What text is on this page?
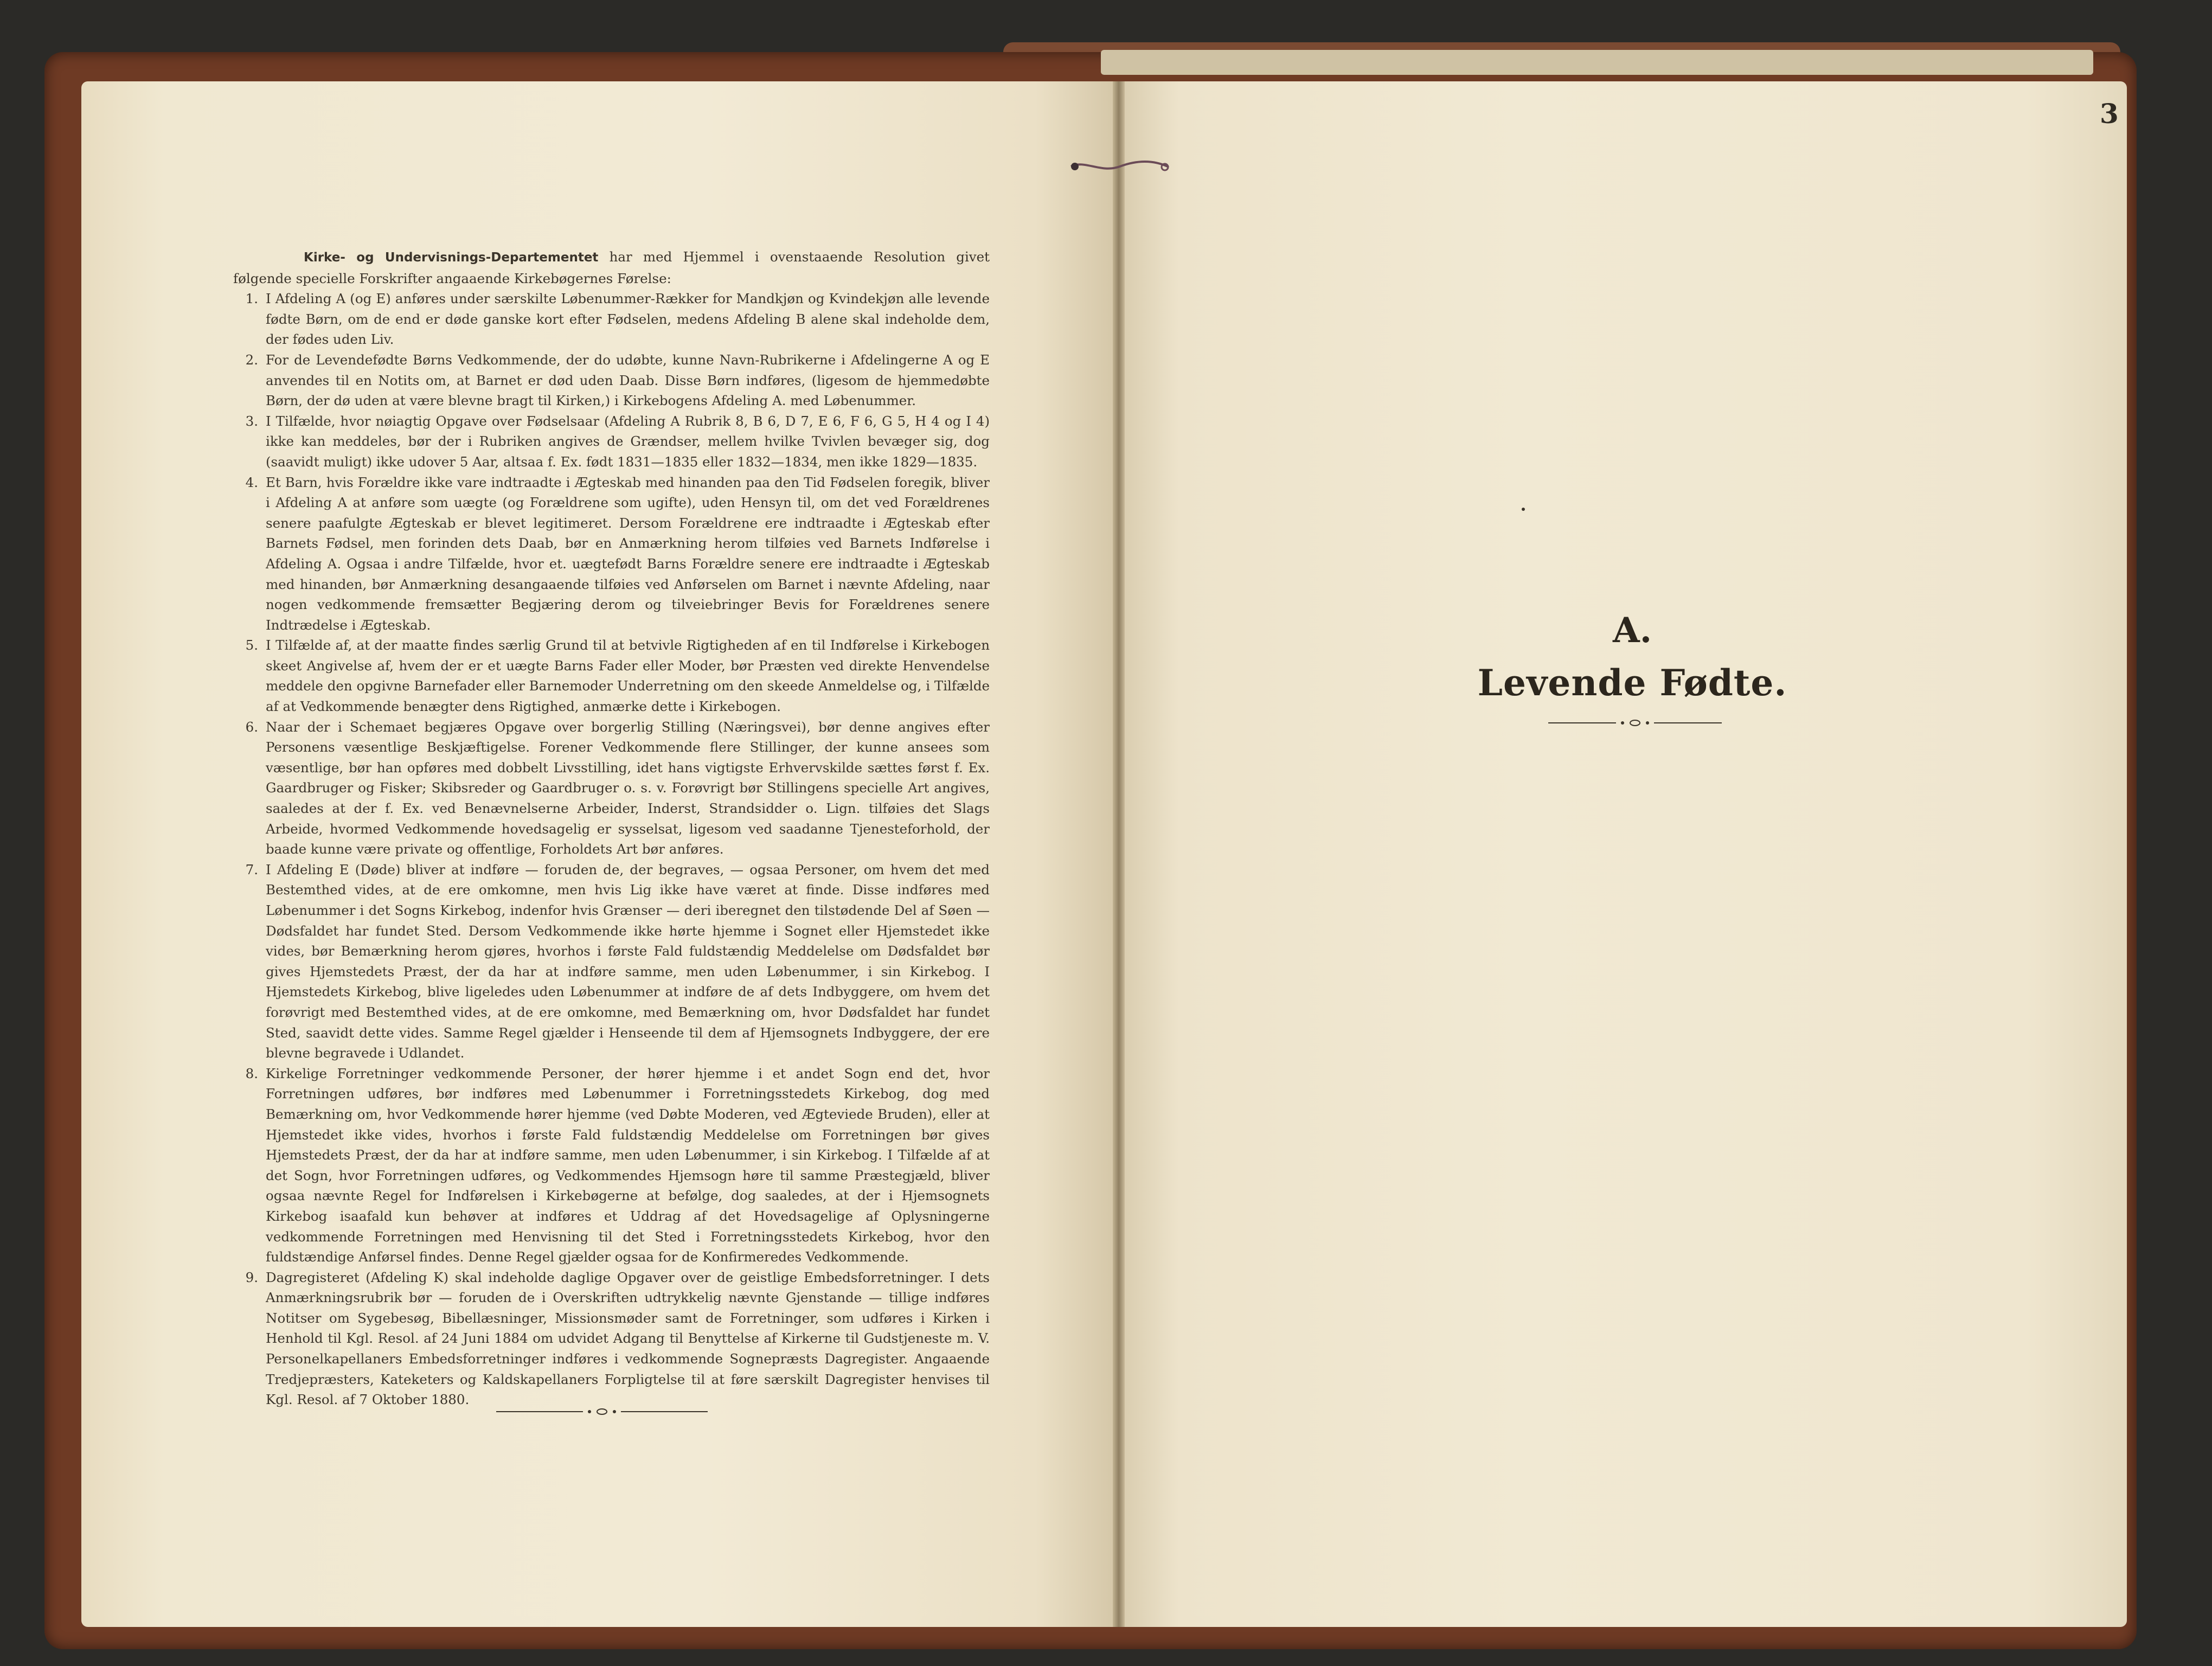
Kirke- og Undervisnings-Departementet har med Hjemmel i ovenstaaende Resolution givet følgende specielle Forskrifter angaaende Kirkebøgernes Førelse:

1. I Afdeling A (og E) anføres under særskilte Løbenummer-Rækker for Mandkjøn og Kvindekjøn alle levende fødte Børn, om de end er døde ganske kort efter Fødselen, medens Afdeling B alene skal indeholde dem, der fødes uden Liv.
2. For de Levendefødte Børns Vedkommende, der do udøbte, kunne Navn-Rubrikerne i Afdelingerne A og E anvendes til en Notits om, at Barnet er død uden Daab. Disse Børn indføres, (ligesom de hjemmedøbte Børn, der dø uden at være blevne bragt til Kirken,) i Kirkebogens Afdeling A. med Løbenummer.
3. I Tilfælde, hvor nøiagtig Opgave over Fødselsaar (Afdeling A Rubrik 8, B 6, D 7, E 6, F 6, G 5, H 4 og I 4) ikke kan meddeles, bør der i Rubriken angives de Grændser, mellem hvilke Tvivlen bevæger sig, dog (saavidt muligt) ikke udover 5 Aar, altsaa f. Ex. født 1831—1835 eller 1832—1834, men ikke 1829—1835.
4. Et Barn, hvis Forældre ikke vare indtraadte i Ægteskab med hinanden paa den Tid Fødselen foregik, bliver i Afdeling A at anføre som uægte (og Forældrene som ugifte), uden Hensyn til, om det ved Forældrenes senere paafulgte Ægteskab er blevet legitimeret. Dersom Forældrene ere indtraadte i Ægteskab efter Barnets Fødsel, men forinden dets Daab, bør en Anmærkning herom tilføies ved Barnets Indførelse i Afdeling A. Ogsaa i andre Tilfælde, hvor et. uægtefødt Barns Forældre senere ere indtraadte i Ægteskab med hinanden, bør Anmærkning desangaaende tilføies ved Anførselen om Barnet i nævnte Afdeling, naar nogen vedkommende fremsætter Begjæring derom og tilveiebringer Bevis for Forældrenes senere Indtrædelse i Ægteskab.
5. I Tilfælde af, at der maatte findes særlig Grund til at betvivle Rigtigheden af en til Indførelse i Kirkebogen skeet Angivelse af, hvem der er et uægte Barns Fader eller Moder, bør Præsten ved direkte Henvendelse meddele den opgivne Barnefader eller Barnemoder Underretning om den skeede Anmeldelse og, i Tilfælde af at Vedkommende benægter dens Rigtighed, anmærke dette i Kirkebogen.
6. Naar der i Schemaet begjæres Opgave over borgerlig Stilling (Næringsvei), bør denne angives efter Personens væsentlige Beskjæftigelse. Forener Vedkommende flere Stillinger, der kunne ansees som væsentlige, bør han opføres med dobbelt Livsstilling, idet hans vigtigste Erhvervskilde sættes først f. Ex. Gaardbruger og Fisker; Skibsreder og Gaardbruger o. s. v. Forøvrigt bør Stillingens specielle Art angives, saaledes at der f. Ex. ved Benævnelserne Arbeider, Inderst, Strandsidder o. Lign. tilføies det Slags Arbeide, hvormed Vedkommende hovedsagelig er sysselsat, ligesom ved saadanne Tjenesteforhold, der baade kunne være private og offentlige, Forholdets Art bør anføres.
7. I Afdeling E (Døde) bliver at indføre — foruden de, der begraves, — ogsaa Personer, om hvem det med Bestemthed vides, at de ere omkomne, men hvis Lig ikke have været at finde. Disse indføres med Løbenummer i det Sogns Kirkebog, indenfor hvis Grænser — deri iberegnet den tilstødende Del af Søen — Dødsfaldet har fundet Sted. Dersom Vedkommende ikke hørte hjemme i Sognet eller Hjemstedet ikke vides, bør Bemærkning herom gjøres, hvorhos i første Fald fuldstændig Meddelelse om Dødsfaldet bør gives Hjemstedets Præst, der da har at indføre samme, men uden Løbenummer, i sin Kirkebog. I Hjemstedets Kirkebog, blive ligeledes uden Løbenummer at indføre de af dets Indbyggere, om hvem det forøvrigt med Bestemthed vides, at de ere omkomne, med Bemærkning om, hvor Dødsfaldet har fundet Sted, saavidt dette vides. Samme Regel gjælder i Henseende til dem af Hjemsognets Indbyggere, der ere blevne begravede i Udlandet.
8. Kirkelige Forretninger vedkommende Personer, der hører hjemme i et andet Sogn end det, hvor Forretningen udføres, bør indføres med Løbenummer i Forretningsstedets Kirkebog, dog med Bemærkning om, hvor Vedkommende hører hjemme (ved Døbte Moderen, ved Ægteviede Bruden), eller at Hjemstedet ikke vides, hvorhos i første Fald fuldstændig Meddelelse om Forretningen bør gives Hjemstedets Præst, der da har at indføre samme, men uden Løbenummer, i sin Kirkebog. I Tilfælde af at det Sogn, hvor Forretningen udføres, og Vedkommendes Hjemsogn høre til samme Præstegjæld, bliver ogsaa nævnte Regel for Indførelsen i Kirkebøgerne at befølge, dog saaledes, at der i Hjemsognets Kirkebog isaafald kun behøver at indføres et Uddrag af det Hovedsagelige af Oplysningerne vedkommende Forretningen med Henvisning til det Sted i Forretningsstedets Kirkebog, hvor den fuldstændige Anførsel findes. Denne Regel gjælder ogsaa for de Konfirmeredes Vedkommende.
9. Dagregisteret (Afdeling K) skal indeholde daglige Opgaver over de geistlige Embedsforretninger. I dets Anmærkningsrubrik bør — foruden de i Overskriften udtrykkelig nævnte Gjenstande — tillige indføres Notitser om Sygebesøg, Bibellæsninger, Missionsmøder samt de Forretninger, som udføres i Kirken i Henhold til Kgl. Resol. af 24 Juni 1884 om udvidet Adgang til Benyttelse af Kirkerne til Gudstjeneste m. V. Personelkapellaners Embedsforretninger indføres i vedkommende Sognepræsts Dagregister. Angaaende Tredjepræsters, Kateketers og Kaldskapellaners Forpligtelse til at føre særskilt Dagregister henvises til Kgl. Resol. af 7 Oktober 1880.
3
A.
Levende Fødte.
